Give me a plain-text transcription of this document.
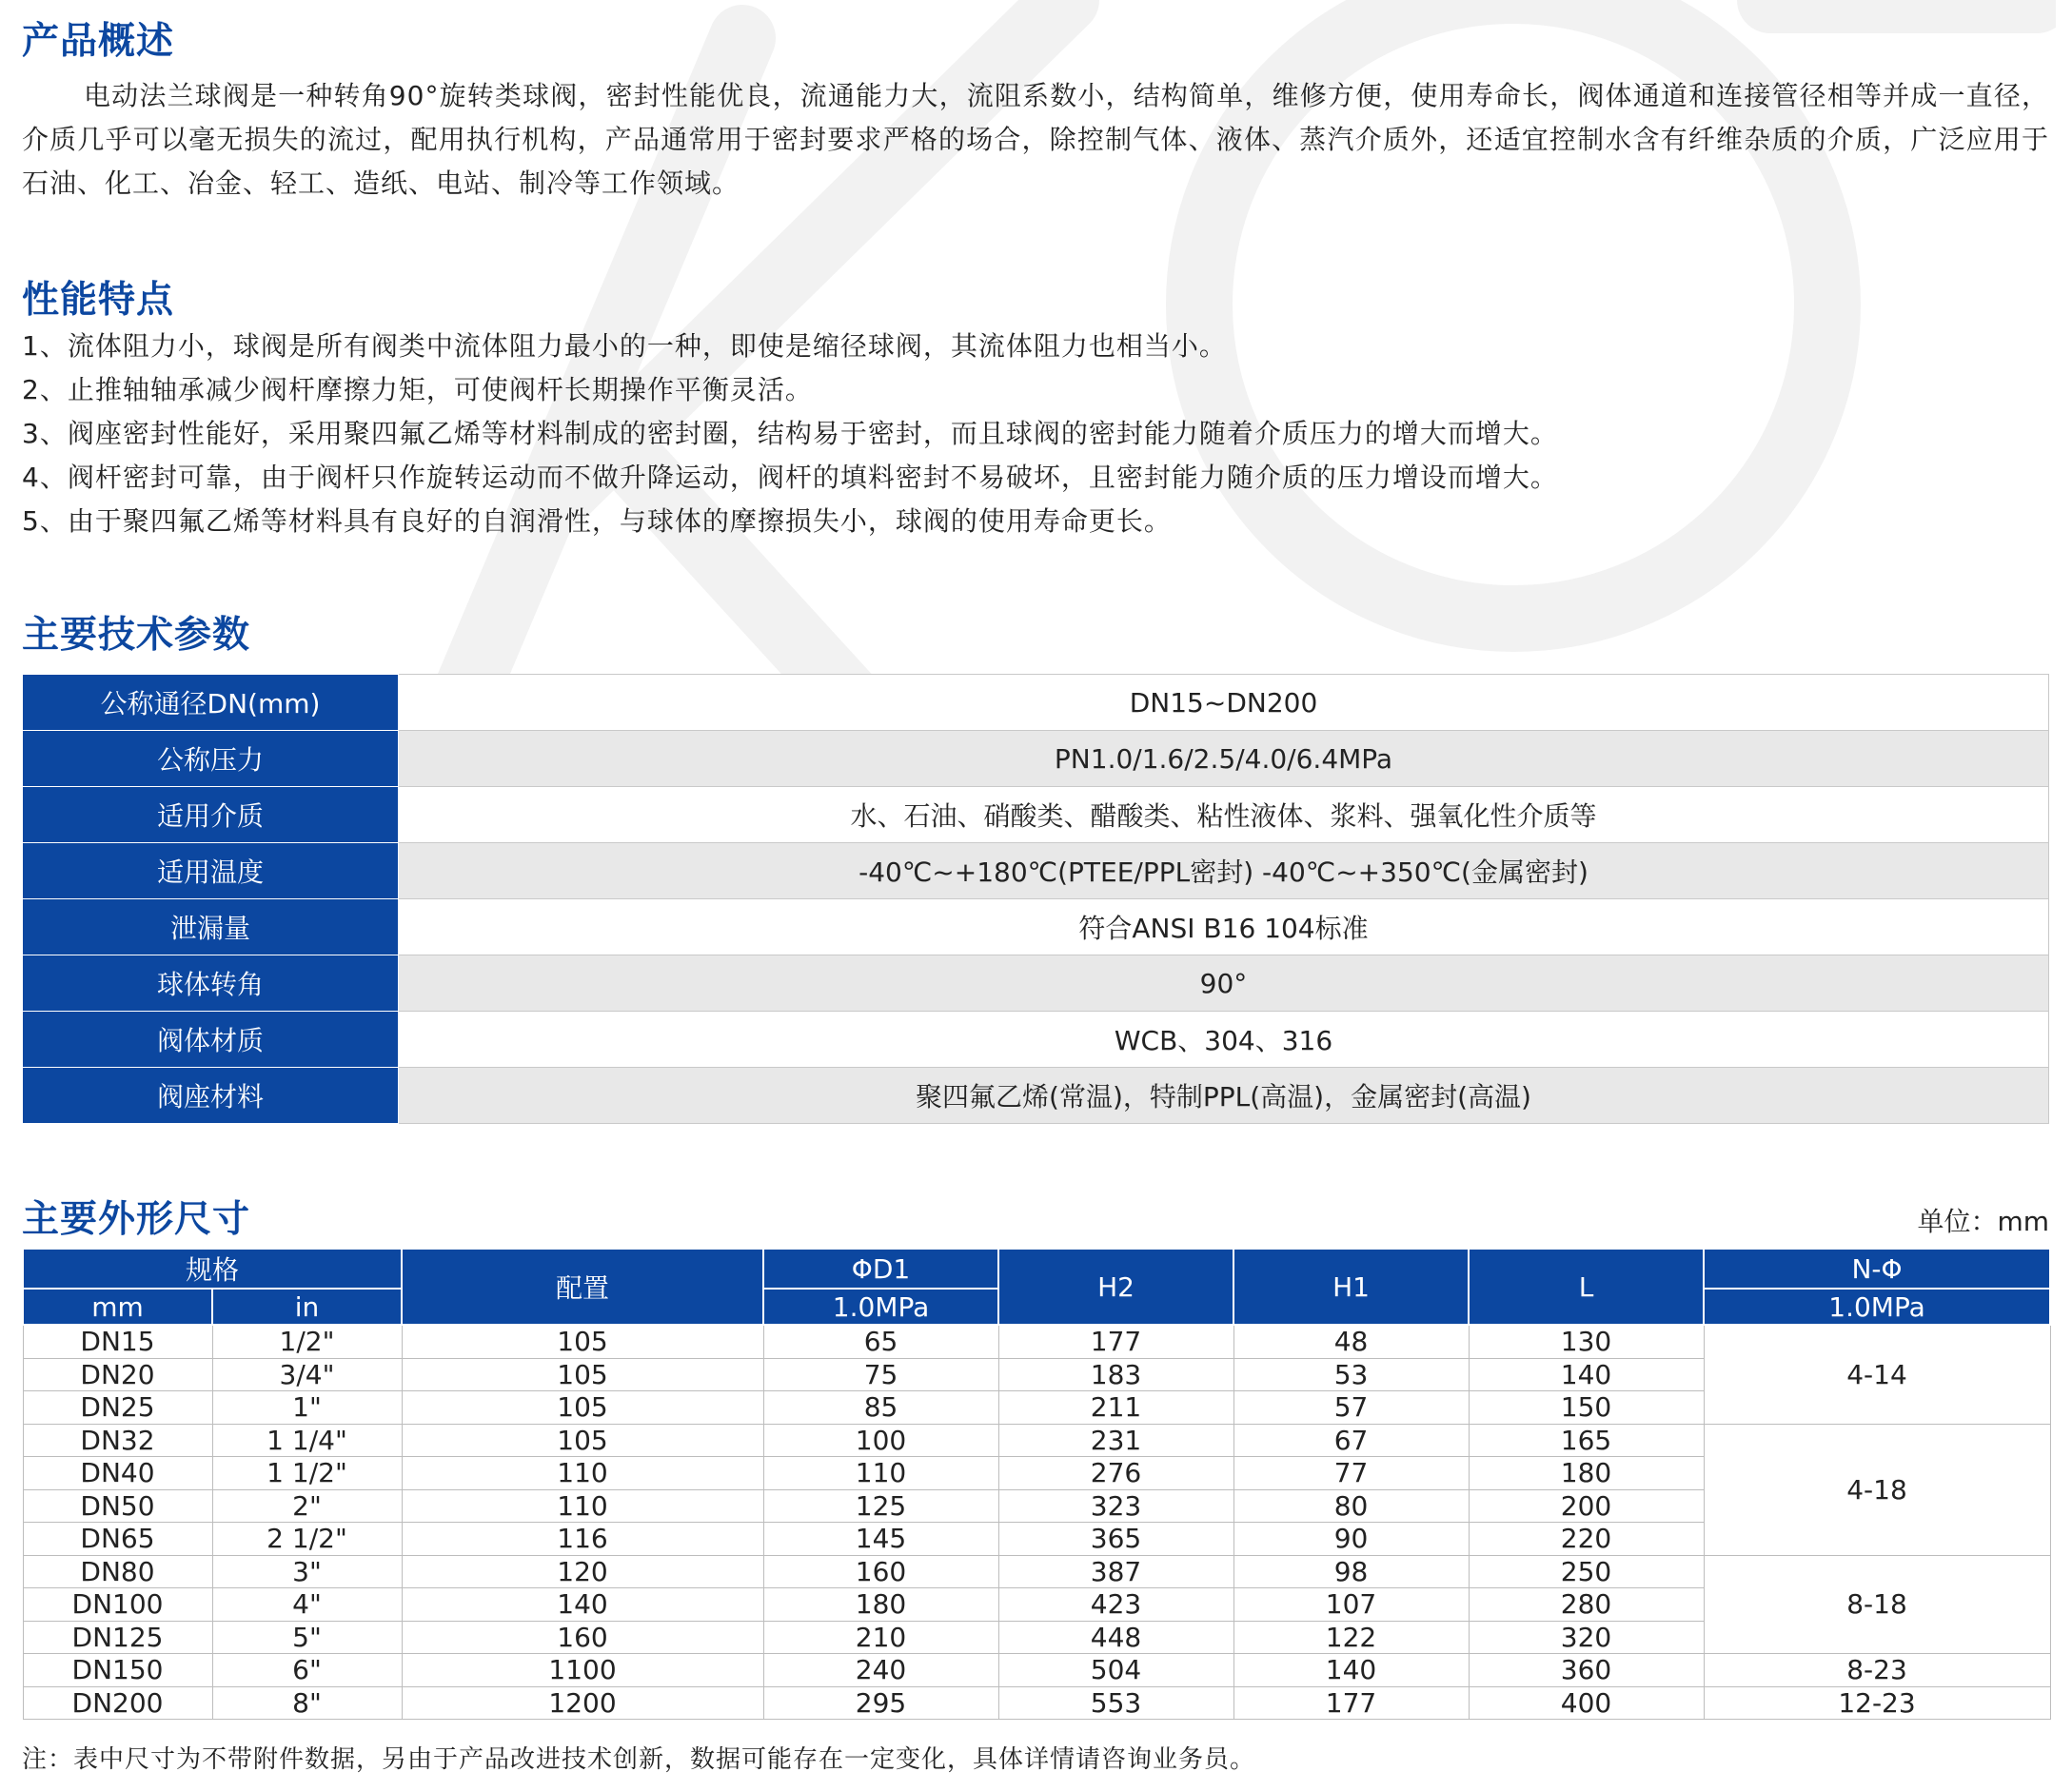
产品概述

电动法兰球阀是一种转角90°旋转类球阀，密封性能优良，流通能力大，流阻系数小，结构简单，维修方便，使用寿命长，阀体通道和连接管径相等并成一直径，介质几乎可以毫无损失的流过，配用执行机构，产品通常用于密封要求严格的场合，除控制气体、液体、蒸汽介质外，还适宜控制水含有纤维杂质的介质，广泛应用于石油、化工、冶金、轻工、造纸、电站、制冷等工作领域。

性能特点
1、流体阻力小，球阀是所有阀类中流体阻力最小的一种，即使是缩径球阀，其流体阻力也相当小。
2、止推轴轴承减少阀杆摩擦力矩，可使阀杆长期操作平衡灵活。
3、阀座密封性能好，采用聚四氟乙烯等材料制成的密封圈，结构易于密封，而且球阀的密封能力随着介质压力的增大而增大。
4、阀杆密封可靠，由于阀杆只作旋转运动而不做升降运动，阀杆的填料密封不易破坏，且密封能力随介质的压力增设而增大。
5、由于聚四氟乙烯等材料具有良好的自润滑性，与球体的摩擦损失小，球阀的使用寿命更长。
主要技术参数
公称通径DN(mm)	DN15~DN200
公称压力	PN1.0/1.6/2.5/4.0/6.4MPa
适用介质	水、石油、硝酸类、醋酸类、粘性液体、浆料、强氧化性介质等
适用温度	-40℃~+180℃(PTEE/PPL密封) -40℃~+350℃(金属密封)
泄漏量	符合ANSI B16 104标准
球体转角	90°
阀体材质	WCB、304、316
阀座材料	聚四氟乙烯(常温)，特制PPL(高温)，金属密封(高温)
主要外形尺寸	单位：mm

规格		配置	ΦD1	H2	H1	L	N-Φ
mm	in		1.0MPa				1.0MPa
DN15	1/2"	105	65	177	48	130	4-14
DN20	3/4"	105	75	183	53	140	
DN25	1"	105	85	211	57	150	
DN32	1 1/4"	105	100	231	67	165	4-18
DN40	1 1/2"	110	110	276	77	180	
DN50	2"	110	125	323	80	200	
DN65	2 1/2"	116	145	365	90	220	
DN80	3"	120	160	387	98	250	8-18
DN100	4"	140	180	423	107	280	
DN125	5"	160	210	448	122	320	
DN150	6"	1100	240	504	140	360	8-23
DN200	8"	1200	295	553	177	400	12-23

注：表中尺寸为不带附件数据，另由于产品改进技术创新，数据可能存在一定变化，具体详情请咨询业务员。
